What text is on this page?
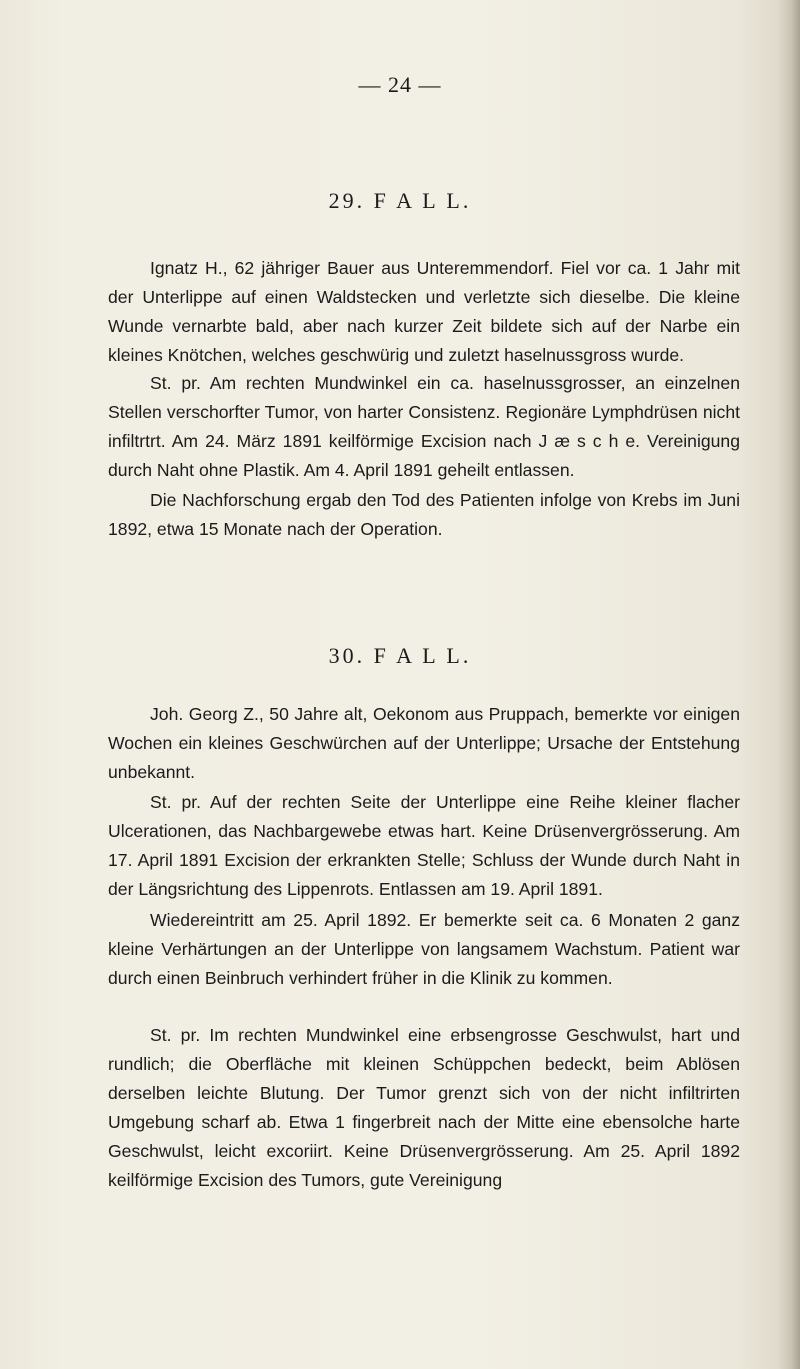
— 24 —
29. F A L L.

Ignatz H., 62 jähriger Bauer aus Unteremmendorf. Fiel vor ca. 1 Jahr mit der Unterlippe auf einen Waldstecken und verletzte sich dieselbe. Die kleine Wunde vernarbte bald, aber nach kurzer Zeit bildete sich auf der Narbe ein kleines Knötchen, welches geschwürig und zuletzt haselnussgross wurde.

St. pr. Am rechten Mundwinkel ein ca. haselnussgrosser, an einzelnen Stellen verschorfter Tumor, von harter Consistenz. Regionäre Lymphdrüsen nicht infiltrtrt. Am 24. März 1891 keilförmige Excision nach J æ s c h e. Vereinigung durch Naht ohne Plastik. Am 4. April 1891 geheilt entlassen.

Die Nachforschung ergab den Tod des Patienten infolge von Krebs im Juni 1892, etwa 15 Monate nach der Operation.

30. F A L L.

Joh. Georg Z., 50 Jahre alt, Oekonom aus Pruppach, bemerkte vor einigen Wochen ein kleines Geschwürchen auf der Unterlippe; Ursache der Entstehung unbekannt.

St. pr. Auf der rechten Seite der Unterlippe eine Reihe kleiner flacher Ulcerationen, das Nachbargewebe etwas hart. Keine Drüsenvergrösserung. Am 17. April 1891 Excision der erkrankten Stelle; Schluss der Wunde durch Naht in der Längsrichtung des Lippenrots. Entlassen am 19. April 1891.

Wiedereintritt am 25. April 1892. Er bemerkte seit ca. 6 Monaten 2 ganz kleine Verhärtungen an der Unterlippe von langsamem Wachstum. Patient war durch einen Beinbruch verhindert früher in die Klinik zu kommen.

St. pr. Im rechten Mundwinkel eine erbsengrosse Geschwulst, hart und rundlich; die Oberfläche mit kleinen Schüppchen bedeckt, beim Ablösen derselben leichte Blutung. Der Tumor grenzt sich von der nicht infiltrirten Umgebung scharf ab. Etwa 1 fingerbreit nach der Mitte eine ebensolche harte Geschwulst, leicht excoriirt. Keine Drüsenvergrösserung. Am 25. April 1892 keilförmige Excision des Tumors, gute Vereinigung
